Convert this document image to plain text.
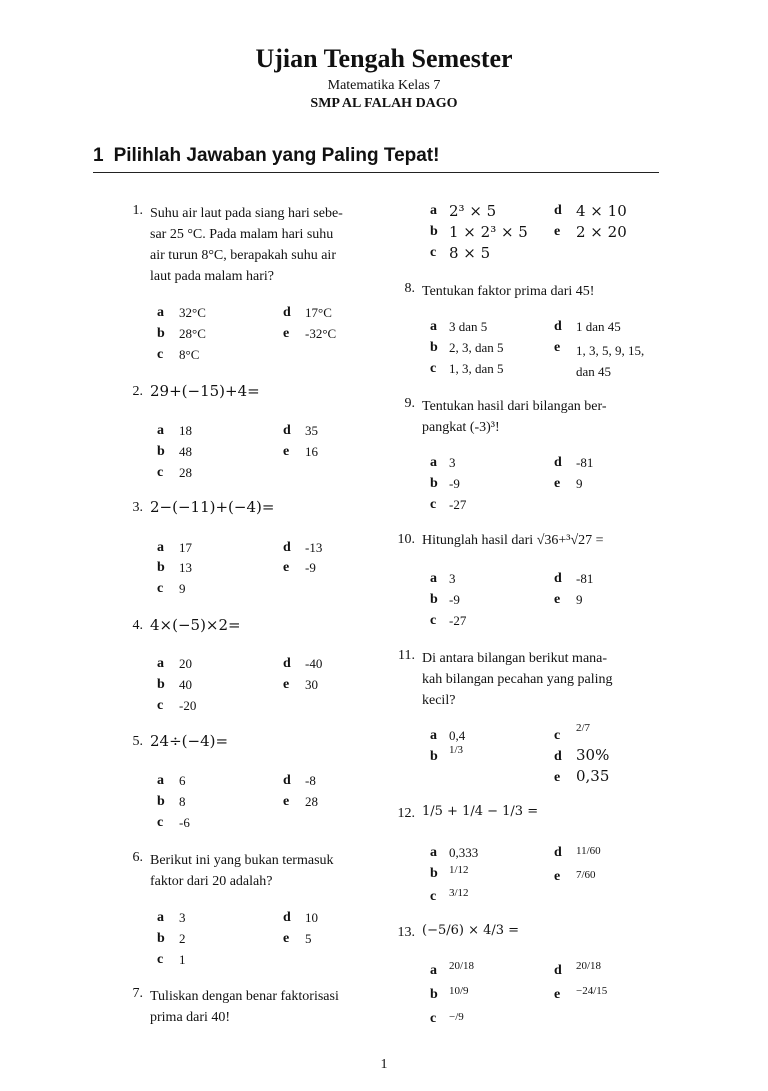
Ujian Tengah Semester
Matematika Kelas 7
SMP AL FALAH DAGO
1 Pilihlah Jawaban yang Paling Tepat!
1. Suhu air laut pada siang hari sebe-
sar 25 °C. Pada malam hari suhu
air turun 8°C, berapakah suhu air
laut pada malam hari?
a 32°C
b 28°C
c 8°C
d 17°C
e -32°C
2. 29+(−15)+4=
a 18
b 48
c 28
d 35
e 16
3. 2−(−11)+(−4)=
a 17
b 13
c 9
d -13
e -9
4. 4×(−5)×2=
a 20
b 40
c -20
d -40
e 30
5. 24÷(−4)=
a 6
b 8
c -6
d -8
e 28
6. Berikut ini yang bukan termasuk
faktor dari 20 adalah?
a 3
b 2
c 1
d 10
e 5
7. Tuliskan dengan benar faktorisasi
prima dari 40!
a 2³ × 5
b 1 × 2³ × 5
c 8 × 5
d 4 × 10
e 2 × 20
8. Tentukan faktor prima dari 45!
a 3 dan 5
b 2, 3, dan 5
c 1, 3, dan 5
d 1 dan 45
e 1, 3, 5, 9, 15, dan 45
9. Tentukan hasil dari bilangan ber-
pangkat (-3)³!
a 3
b -9
c -27
d -81
e 9
10. Hitunglah hasil dari √36+³√27 =
a 3
b -9
c -27
d -81
e 9
11. Di antara bilangan berikut mana-
kah bilangan pecahan yang paling
kecil?
a 0,4
b 1/3
c 2/7
d 30%
e 0,35
12. 1/5 + 1/4 − 1/3 =
a 0,333
b 1/12
c 3/12
d 11/60
e 7/60
13. (−5/6) × 4/3 =
a 20/18
b 10/9
c −/9
d 20/18
e −24/15
1
